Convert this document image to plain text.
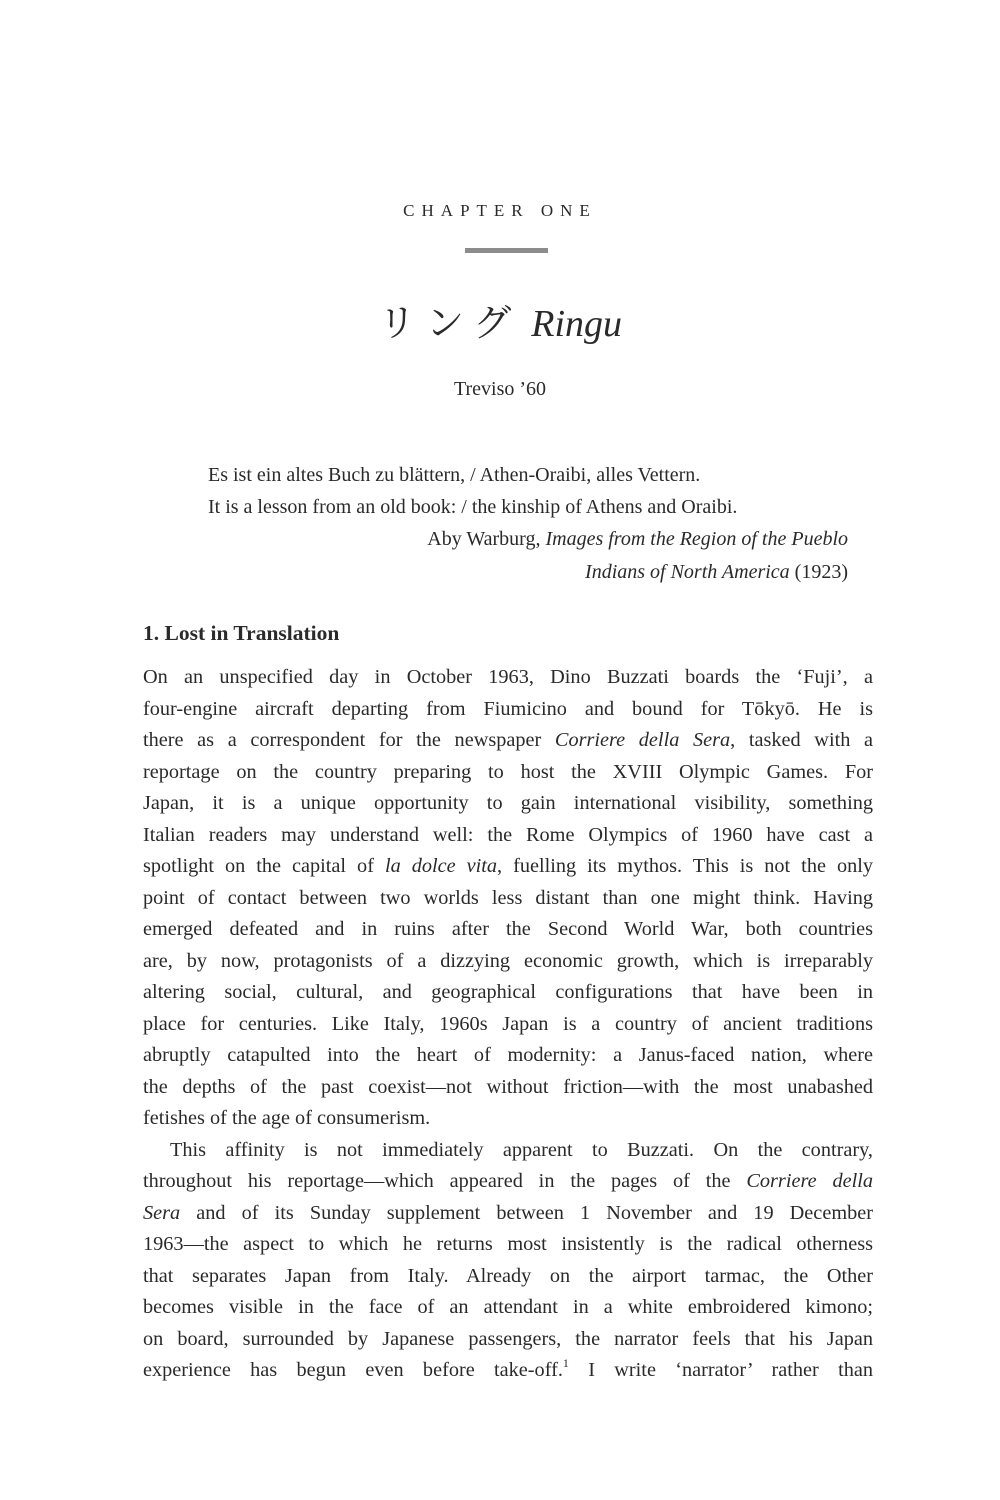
CHAPTER ONE
リング Ringu
Treviso ’60
Es ist ein altes Buch zu blättern, / Athen-Oraibi, alles Vettern.
It is a lesson from an old book: / the kinship of Athens and Oraibi.
Aby Warburg, Images from the Region of the Pueblo
Indians of North America (1923)
1. Lost in Translation
On an unspecified day in October 1963, Dino Buzzati boards the ‘Fuji’, a
four-engine aircraft departing from Fiumicino and bound for Tōkyō. He is
there as a correspondent for the newspaper Corriere della Sera, tasked with a
reportage on the country preparing to host the XVIII Olympic Games. For
Japan, it is a unique opportunity to gain international visibility, something
Italian readers may understand well: the Rome Olympics of 1960 have cast a
spotlight on the capital of la dolce vita, fuelling its mythos. This is not the only
point of contact between two worlds less distant than one might think. Having
emerged defeated and in ruins after the Second World War, both countries
are, by now, protagonists of a dizzying economic growth, which is irreparably
altering social, cultural, and geographical configurations that have been in
place for centuries. Like Italy, 1960s Japan is a country of ancient traditions
abruptly catapulted into the heart of modernity: a Janus-faced nation, where
the depths of the past coexist—not without friction—with the most unabashed
fetishes of the age of consumerism.
This affinity is not immediately apparent to Buzzati. On the contrary,
throughout his reportage—which appeared in the pages of the Corriere della
Sera and of its Sunday supplement between 1 November and 19 December
1963—the aspect to which he returns most insistently is the radical otherness
that separates Japan from Italy. Already on the airport tarmac, the Other
becomes visible in the face of an attendant in a white embroidered kimono;
on board, surrounded by Japanese passengers, the narrator feels that his Japan
experience has begun even before take-off.$^1$ I write ‘narrator’ rather than
